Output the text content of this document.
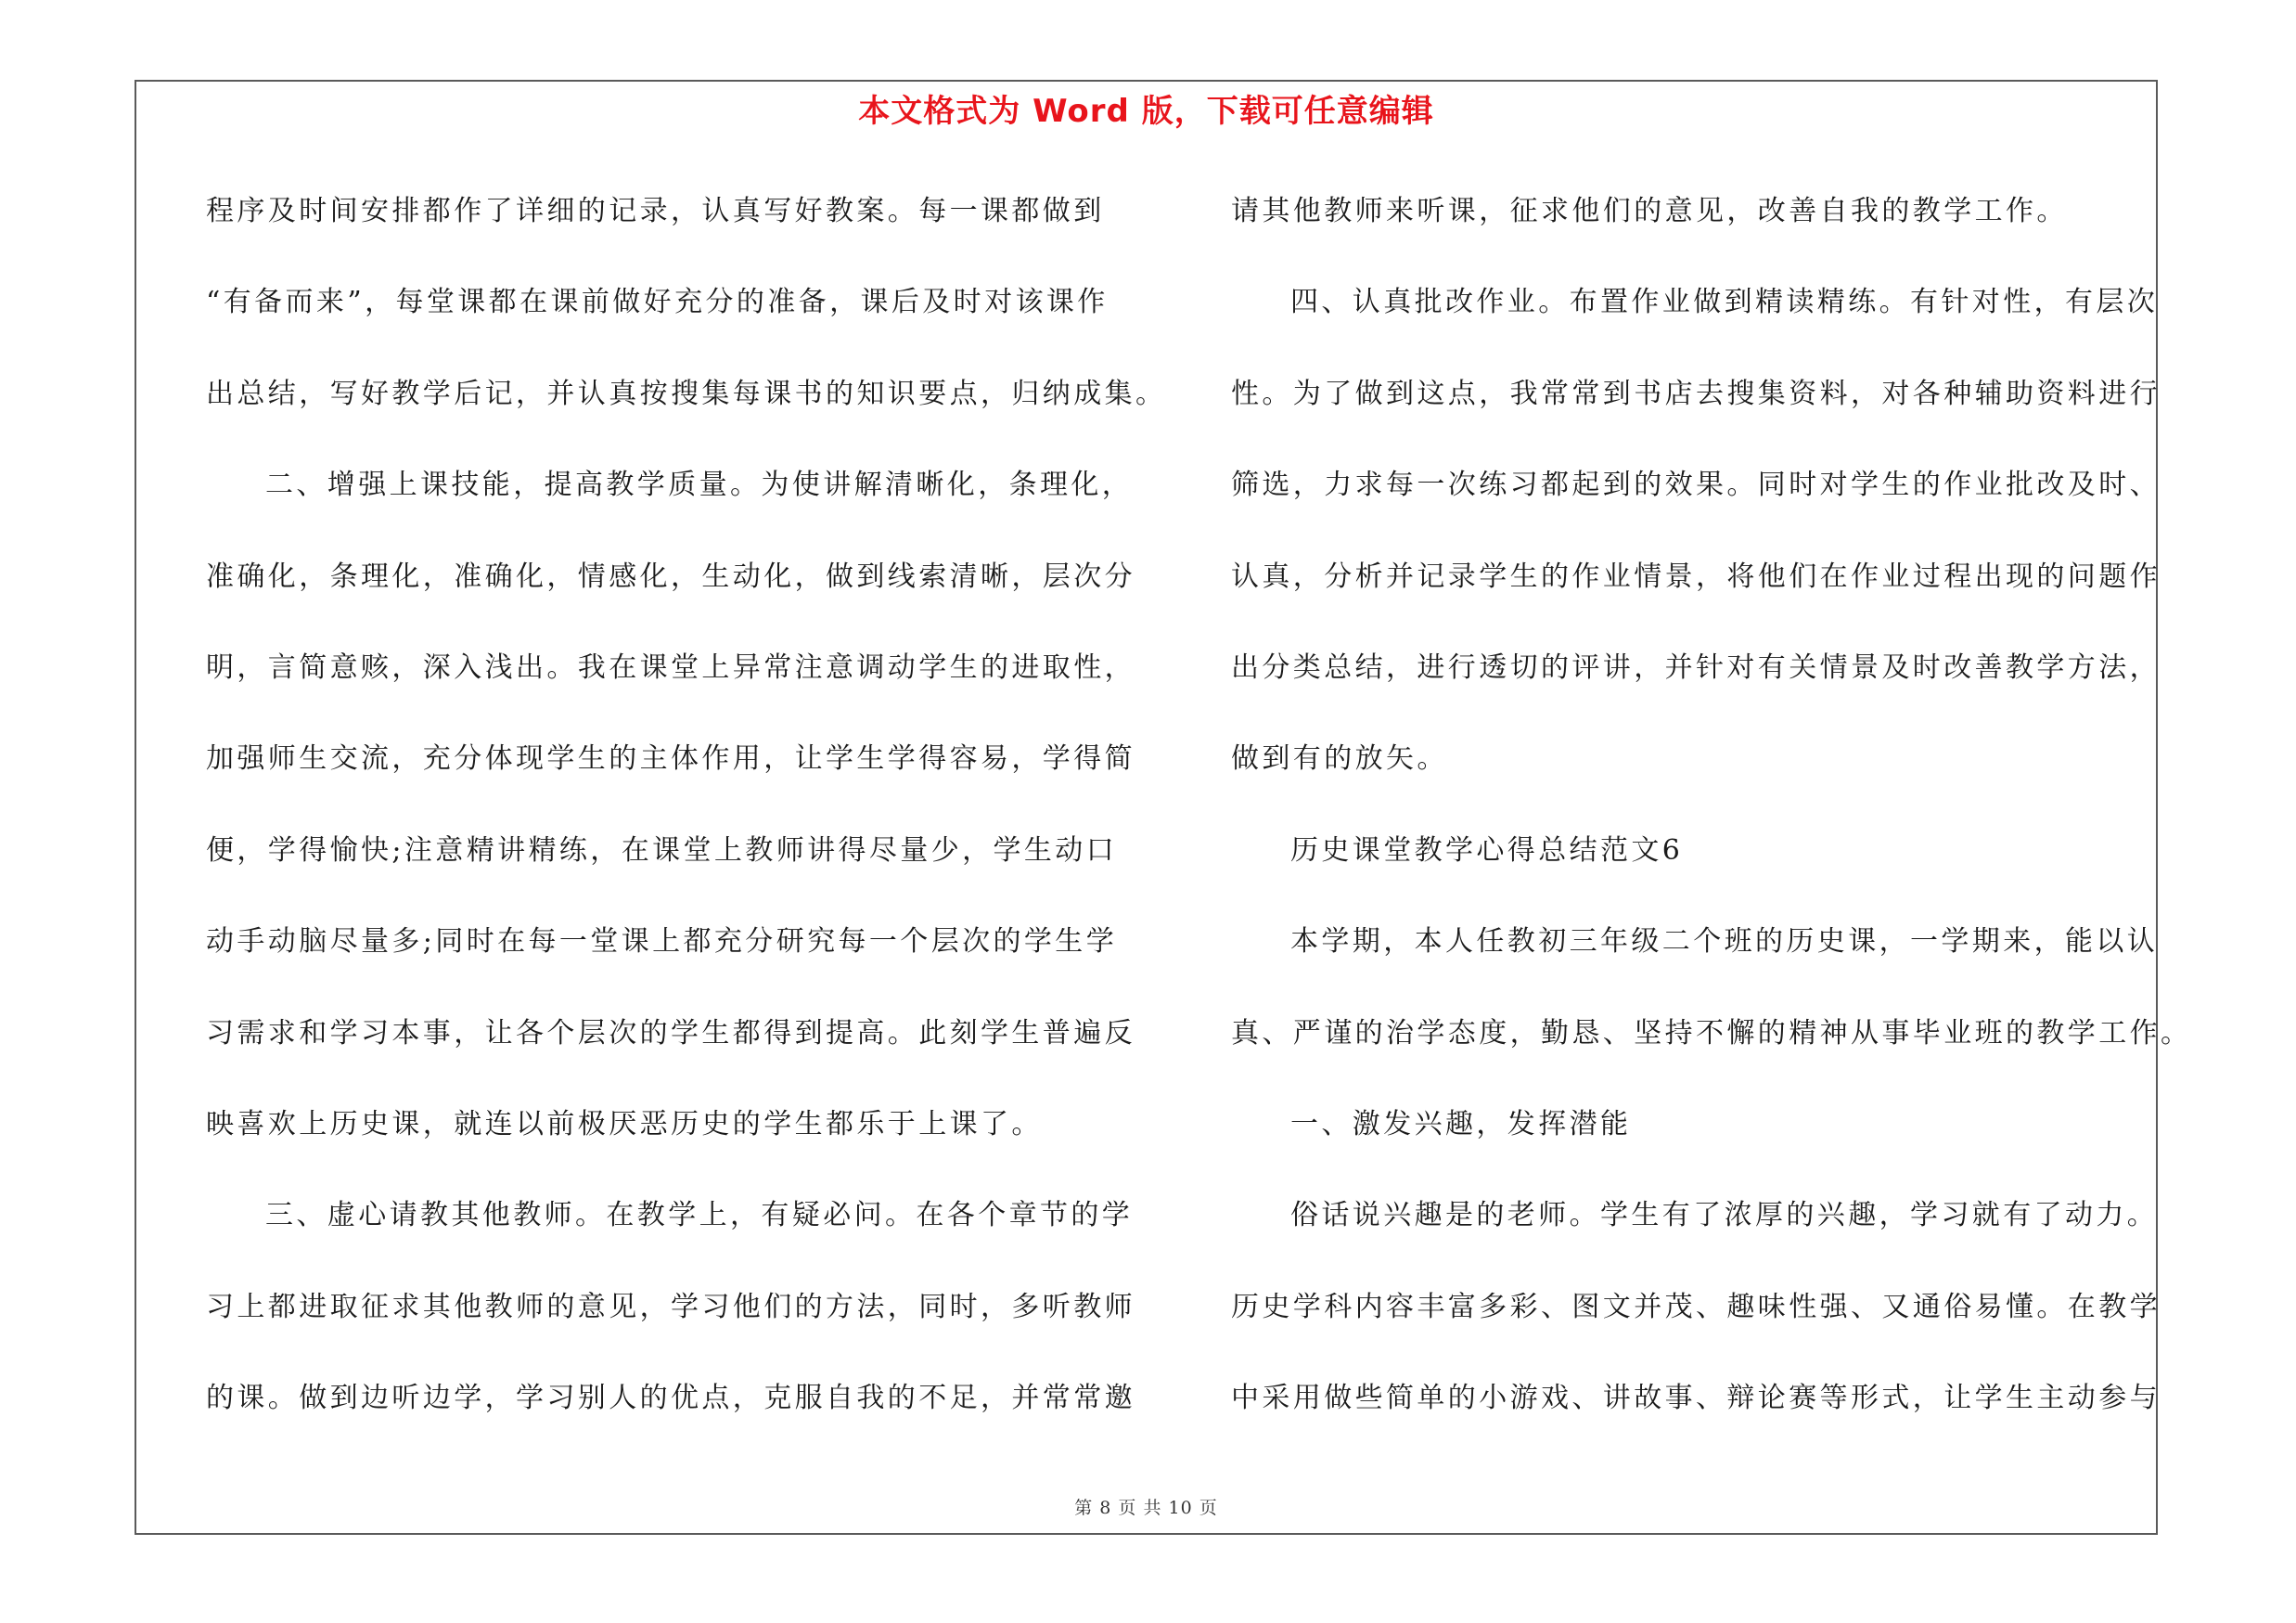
本文格式为 Word 版，下载可任意编辑
程序及时间安排都作了详细的记录，认真写好教案。每一课都做到
“有备而来”，每堂课都在课前做好充分的准备，课后及时对该课作
出总结，写好教学后记，并认真按搜集每课书的知识要点，归纳成集。
二、增强上课技能，提高教学质量。为使讲解清晰化，条理化，
准确化，条理化，准确化，情感化，生动化，做到线索清晰，层次分
明，言简意赅，深入浅出。我在课堂上异常注意调动学生的进取性，
加强师生交流，充分体现学生的主体作用，让学生学得容易，学得简
便，学得愉快;注意精讲精练，在课堂上教师讲得尽量少，学生动口
动手动脑尽量多;同时在每一堂课上都充分研究每一个层次的学生学
习需求和学习本事，让各个层次的学生都得到提高。此刻学生普遍反
映喜欢上历史课，就连以前极厌恶历史的学生都乐于上课了。
三、虚心请教其他教师。在教学上，有疑必问。在各个章节的学
习上都进取征求其他教师的意见，学习他们的方法，同时，多听教师
的课。做到边听边学，学习别人的优点，克服自我的不足，并常常邀
请其他教师来听课，征求他们的意见，改善自我的教学工作。
四、认真批改作业。布置作业做到精读精练。有针对性，有层次
性。为了做到这点，我常常到书店去搜集资料，对各种辅助资料进行
筛选，力求每一次练习都起到的效果。同时对学生的作业批改及时、
认真，分析并记录学生的作业情景，将他们在作业过程出现的问题作
出分类总结，进行透切的评讲，并针对有关情景及时改善教学方法，
做到有的放矢。
历史课堂教学心得总结范文6
本学期，本人任教初三年级二个班的历史课，一学期来，能以认
真、严谨的治学态度，勤恳、坚持不懈的精神从事毕业班的教学工作。
一、激发兴趣，发挥潜能
俗话说兴趣是的老师。学生有了浓厚的兴趣，学习就有了动力。
历史学科内容丰富多彩、图文并茂、趣味性强、又通俗易懂。在教学
中采用做些简单的小游戏、讲故事、辩论赛等形式，让学生主动参与
第 8 页 共 10 页
